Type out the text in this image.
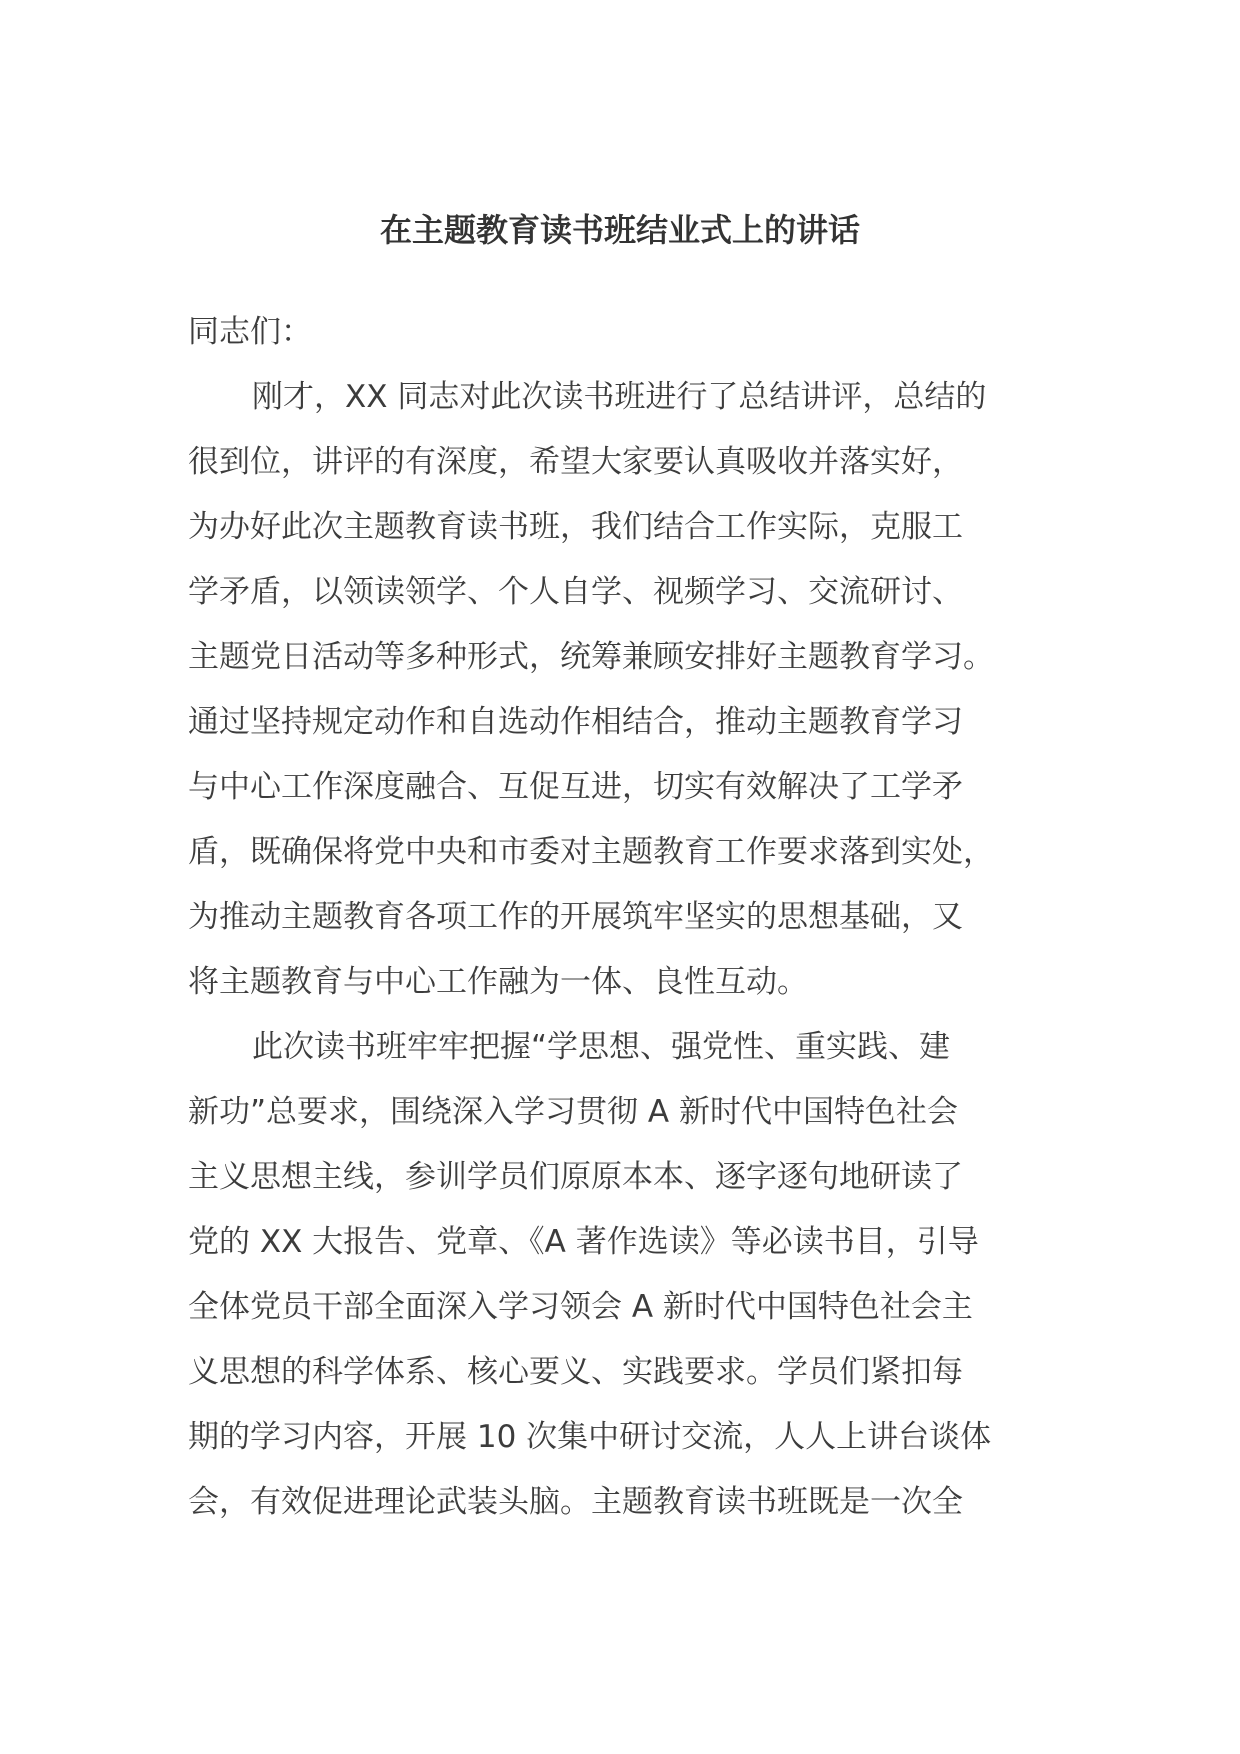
在主题教育读书班结业式上的讲话
同志们：
刚才，XX 同志对此次读书班进行了总结讲评，总结的
很到位，讲评的有深度，希望大家要认真吸收并落实好，
为办好此次主题教育读书班，我们结合工作实际，克服工
学矛盾，以领读领学、个人自学、视频学习、交流研讨、
主题党日活动等多种形式，统筹兼顾安排好主题教育学习。
通过坚持规定动作和自选动作相结合，推动主题教育学习
与中心工作深度融合、互促互进，切实有效解决了工学矛
盾，既确保将党中央和市委对主题教育工作要求落到实处，
为推动主题教育各项工作的开展筑牢坚实的思想基础，又
将主题教育与中心工作融为一体、良性互动。
此次读书班牢牢把握“学思想、强党性、重实践、建
新功”总要求，围绕深入学习贯彻 A 新时代中国特色社会
主义思想主线，参训学员们原原本本、逐字逐句地研读了
党的 XX 大报告、党章、《A 著作选读》等必读书目，引导
全体党员干部全面深入学习领会 A 新时代中国特色社会主
义思想的科学体系、核心要义、实践要求。学员们紧扣每
期的学习内容，开展 10 次集中研讨交流，人人上讲台谈体
会，有效促进理论武装头脑。主题教育读书班既是一次全
